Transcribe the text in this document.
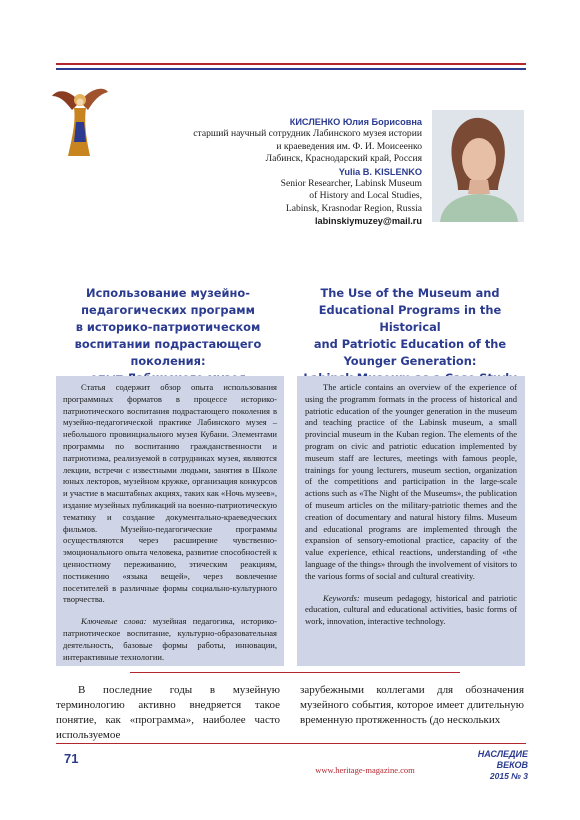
КИСЛЕНКО Юлия Борисовна
старший научный сотрудник Лабинского музея истории
и краеведения им. Ф. И. Моисеенко
Лабинск, Краснодарский край, Россия
Yulia B. KISLENKO
Senior Researcher, Labinsk Museum
of History and Local Studies,
Labinsk, Krasnodar Region, Russia
labinskiymuzey@mail.ru
Использование музейно-
педагогических программ
в историко-патриотическом
воспитании подрастающего
поколения:
The Use of the Museum and
Educational Programs in the
Historical
and Patriotic Education of the
Younger Generation:

Статья содержит обзор опыта использования программных форматов в процессе историко-патриотического воспитания подрастающего поколения в музейно-педагогической практике Лабинского музея – небольшого провинциального музея Кубани. Элементами программы по воспитанию гражданственности и патриотизма, реализуемой в сотрудниках музея, являются лекции, встречи с известными людьми, занятия в Школе юных лекторов, музейном кружке, организация конкурсов и участие в масштабных акциях, таких как «Ночь музеев», издание музейных публикаций на военно-патриотическую тематику и создание документально-краеведческих фильмов. Музейно-педагогические программы осуществляются через расширение чувственно-эмоционального опыта человека, развитие способностей к ценностному переживанию, этическим реакциям, постижению «языка вещей», через вовлечение посетителей в различные формы социально-культурного творчества.

Ключевые слова: музейная педагогика, историко-патриотическое воспитание, культурно-образовательная деятельность, базовые формы работы, инновации, интерактивные технологии.

The article contains an overview of the experience of using the programm formats in the process of historical and patriotic education of the younger generation in the museum and teaching practice of the Labinsk museum, a small provincial museum in the Kuban region. The elements of the program on civic and patriotic education implemented by museum staff are lectures, meetings with famous people, trainings for young lecturers, museum section, organization of the competitions and participation in the large-scale actions such as «The Night of the Museums», the publication of museum articles on the military-patriotic themes and the creation of documentary and natural history films. Museum and educational programs are implemented through the expansion of sensory-emotional practice, capacity of the value experience, ethical reactions, understanding of «the language of the things» through the involvement of visitors to the various forms of social and cultural creativity.

Keywords: museum pedagogy, historical and patriotic education, cultural and educational activities, basic forms of work, innovation, interactive technology.

В последние годы в музейную терминологию активно внедряется такое понятие, как «программа», наиболее часто используемое
зарубежными коллегами для обозначения музейного события, которое имеет длительную временную протяженность (до нескольких
71
www.heritage-magazine.com
НАСЛЕДИЕ ВЕКОВ
2015 № 3
